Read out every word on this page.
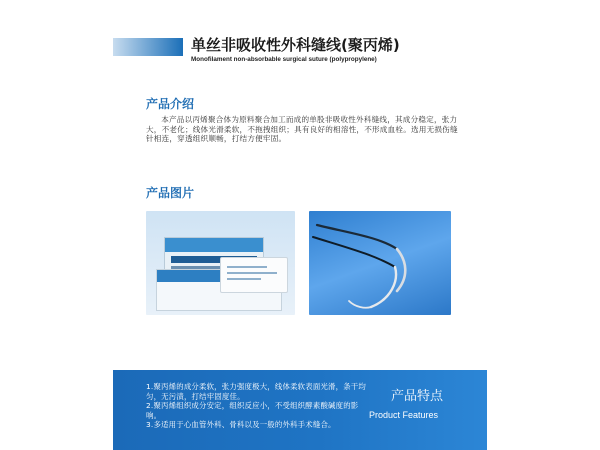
单丝非吸收性外科缝线(聚丙烯)
Monofilament non-absorbable surgical suture (polypropylene)
产品介绍
本产品以丙烯聚合体为原料聚合加工而成的单股非吸收性外科缝线，其成分稳定，张力大，不老化；线体光滑柔软，不拖拽组织；具有良好的相溶性，不形成血栓。选用无损伤缝针相连，穿透组织顺畅，打结方便牢固。
产品图片
1.聚丙烯的成分柔软，张力强度极大，线体柔软表面光滑，条干均匀，无污渍，打结牢固度佳。
2.聚丙烯组织成分安定，组织反应小，不受组织酵素酸碱度的影响。
3.多适用于心血管外科、骨科以及一般的外科手术缝合。
产品特点
Product Features
